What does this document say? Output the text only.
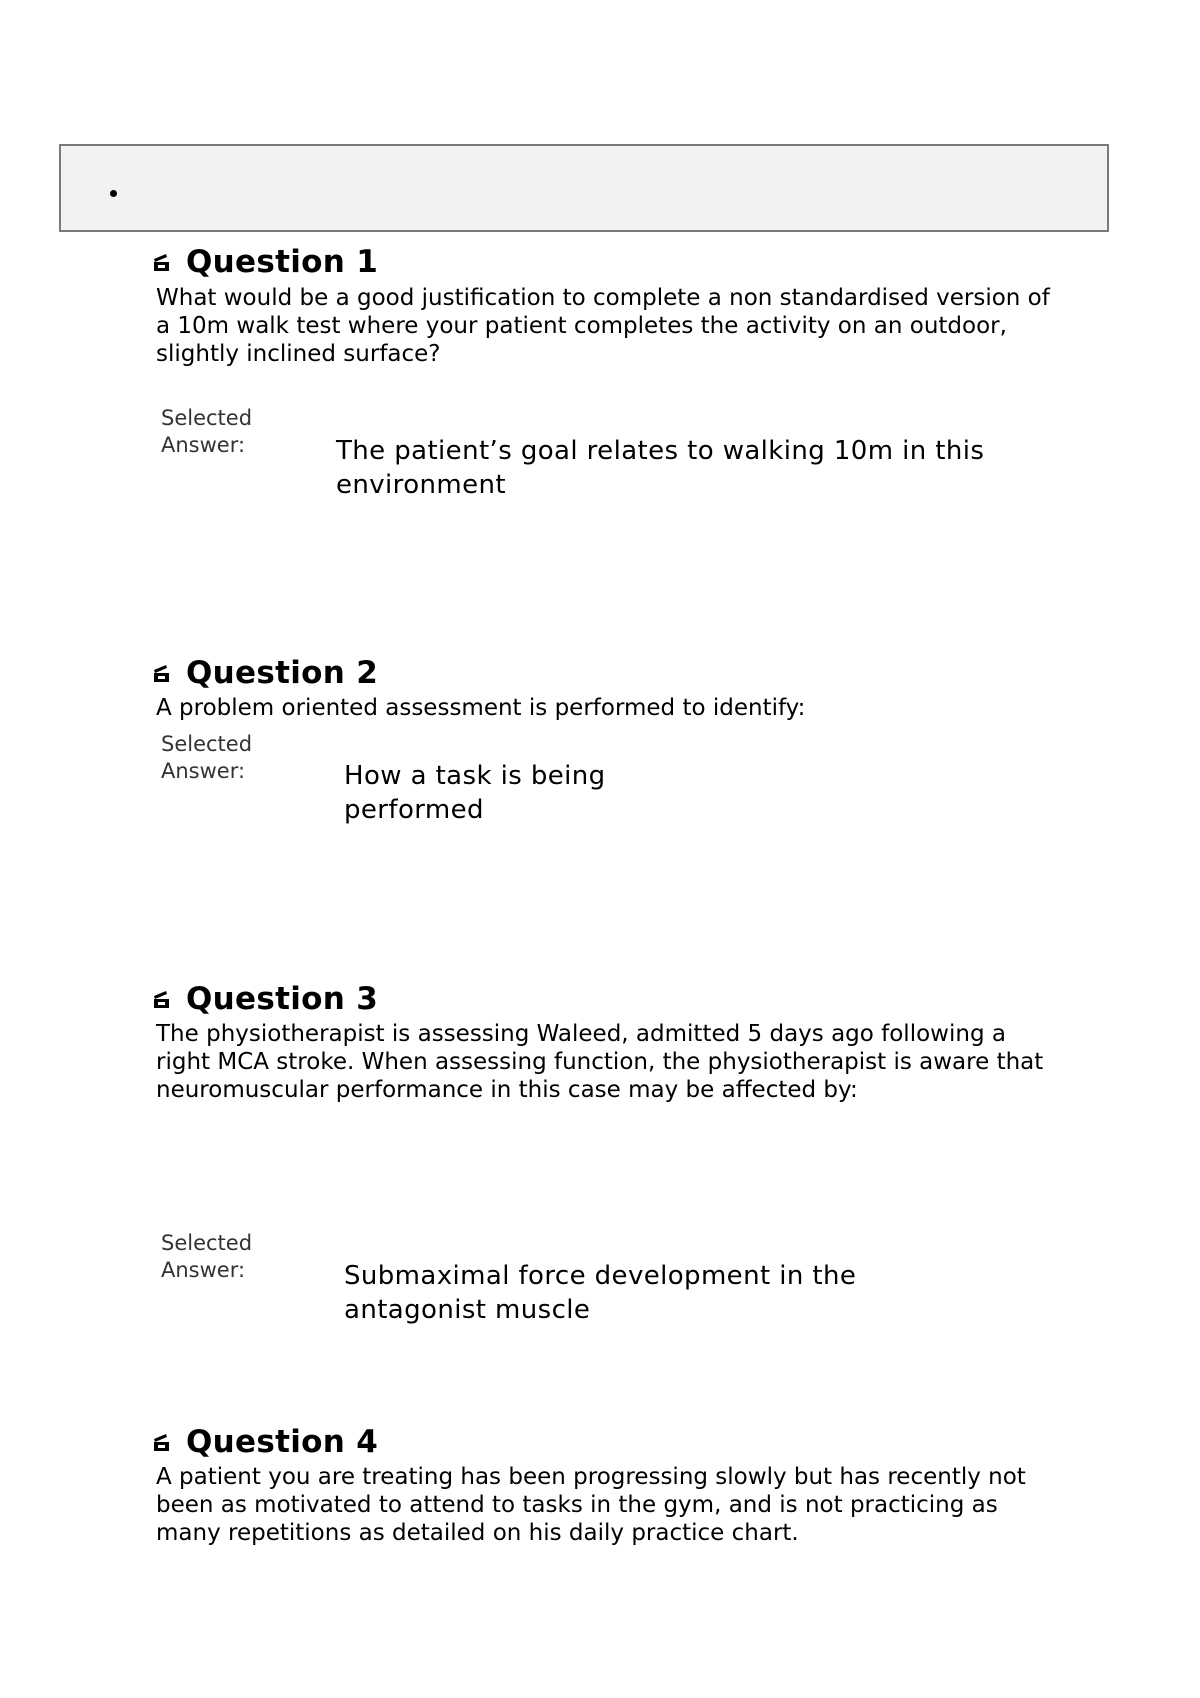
Question 1
What would be a good justification to complete a non standardised version of a 10m walk test where your patient completes the activity on an outdoor, slightly inclined surface?
Selected
Answer:	The patient’s goal relates to walking 10m in this environment
Question 2
A problem oriented assessment is performed to identify:
Selected
Answer:	How a task is being performed
Question 3
The physiotherapist is assessing Waleed, admitted 5 days ago following a right MCA stroke. When assessing function, the physiotherapist is aware that neuromuscular performance in this case may be affected by:
Selected
Answer:	Submaximal force development in the antagonist muscle
Question 4
A patient you are treating has been progressing slowly but has recently not been as motivated to attend to tasks in the gym, and is not practicing as many repetitions as detailed on his daily practice chart.
